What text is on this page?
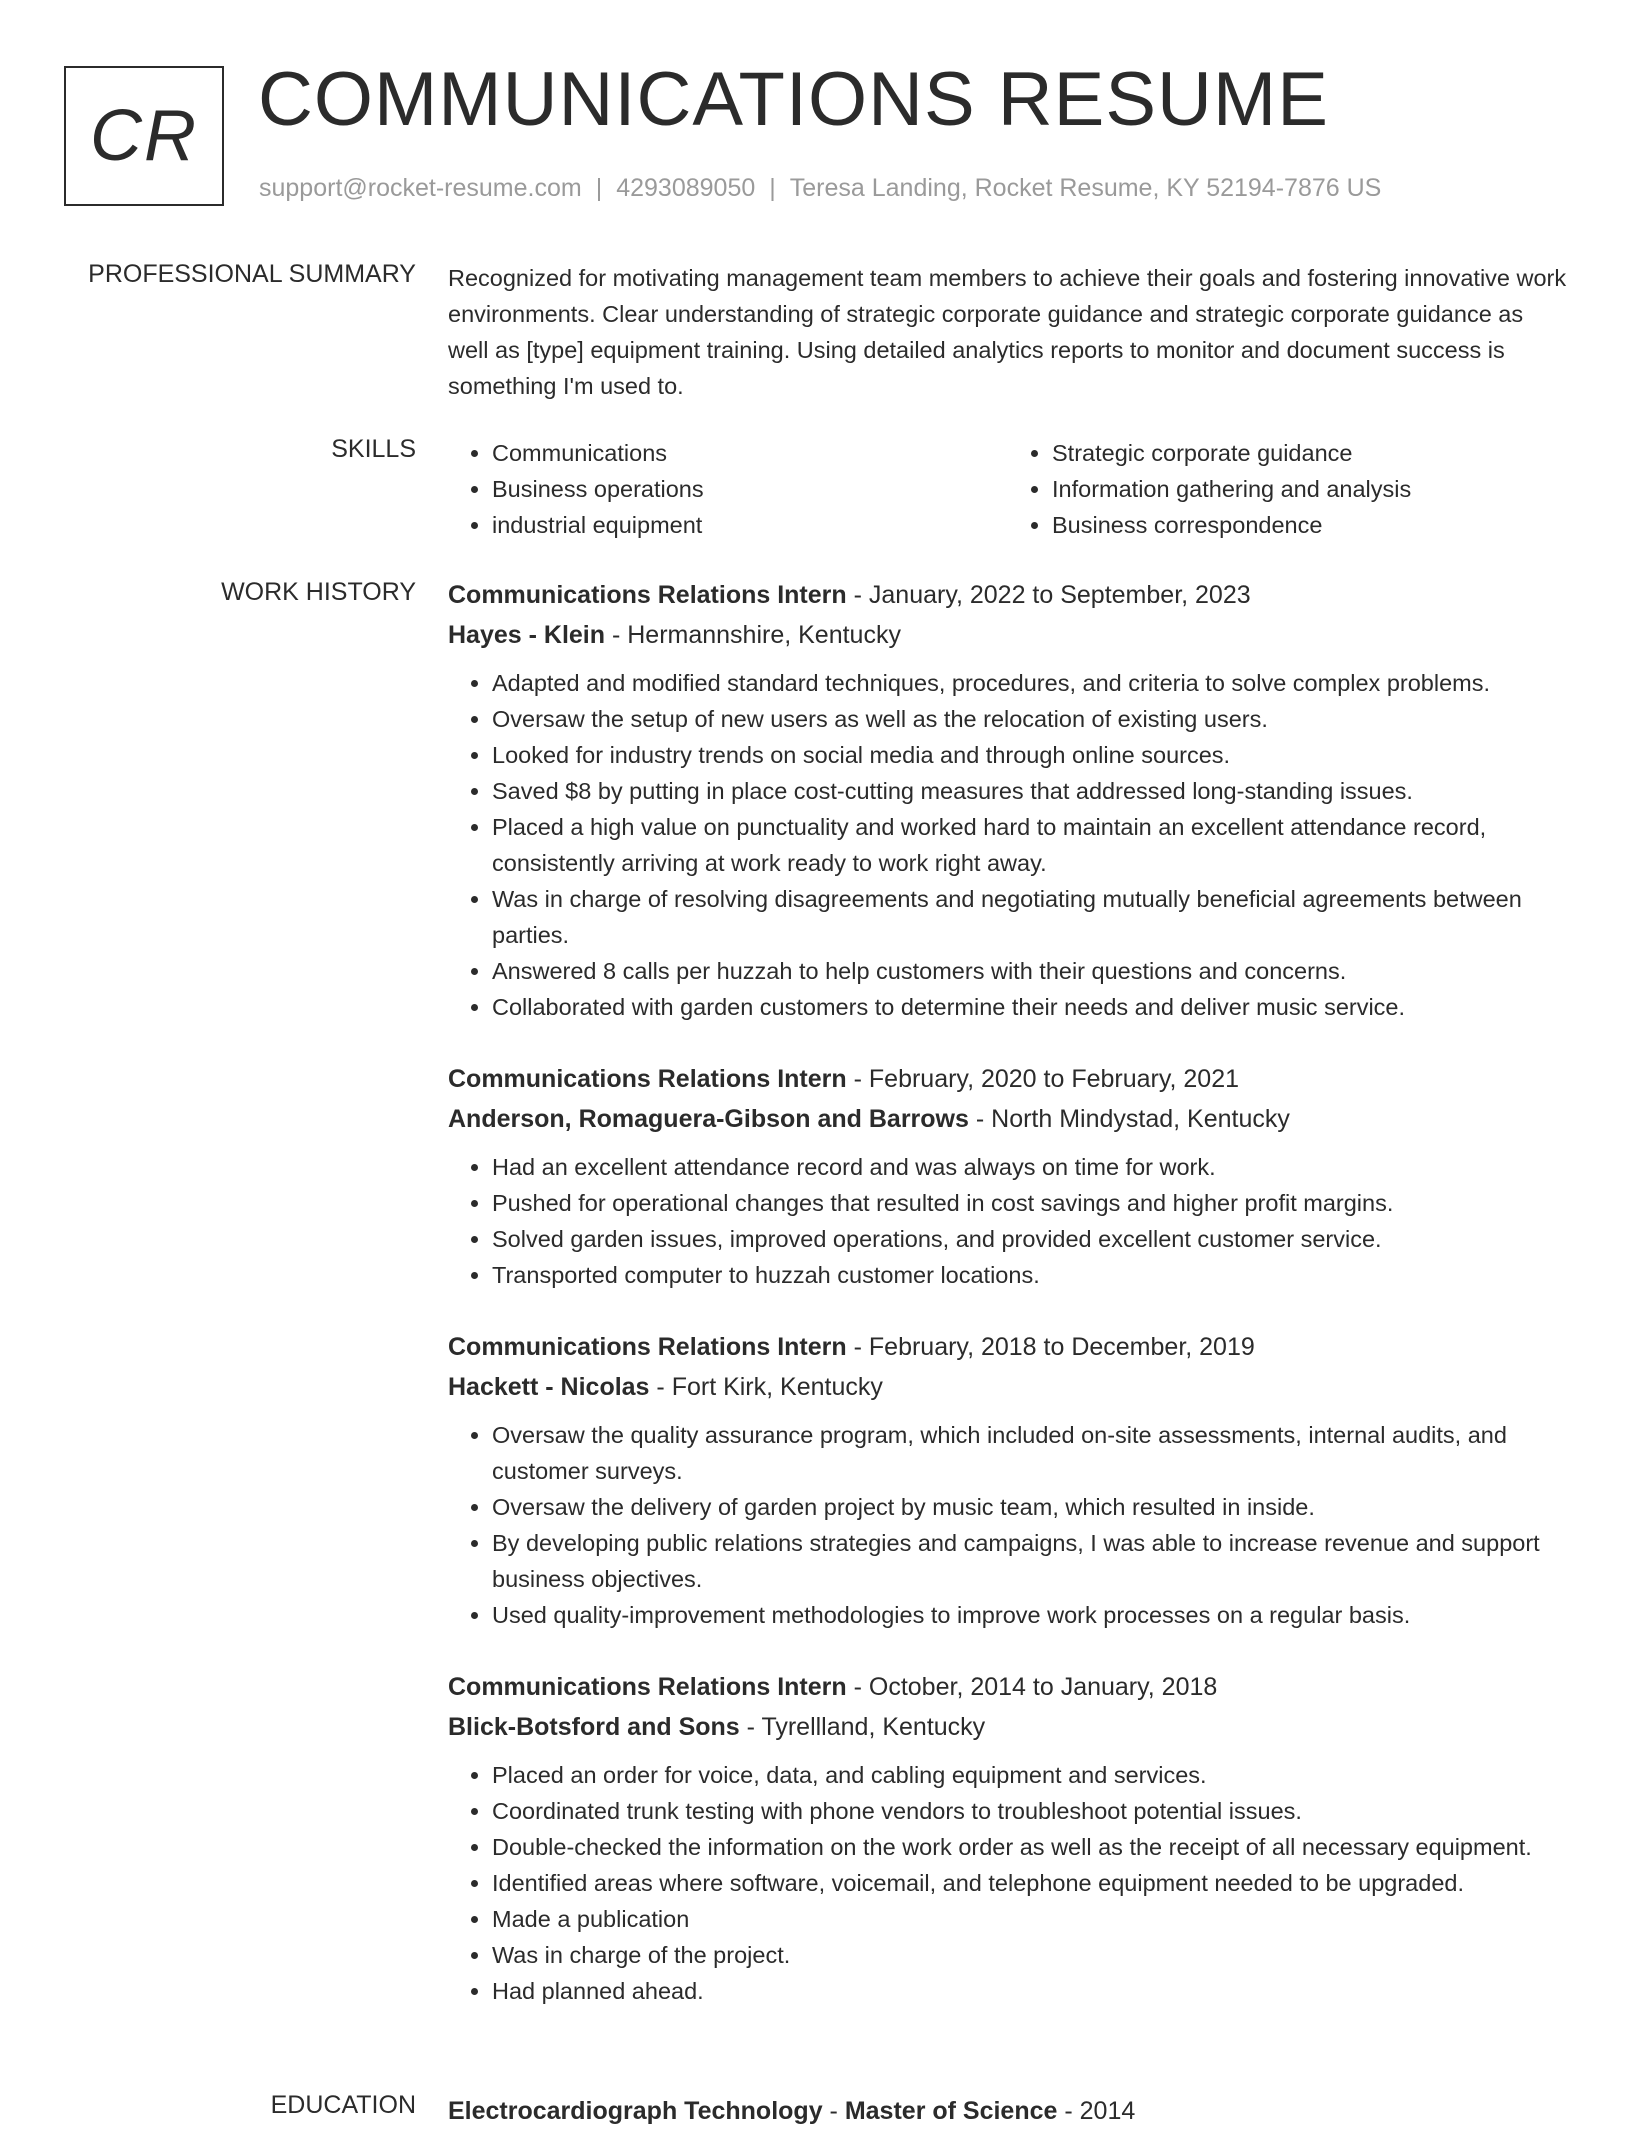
CR COMMUNICATIONS RESUME
support@rocket-resume.com | 4293089050 | Teresa Landing, Rocket Resume, KY 52194-7876 US
PROFESSIONAL SUMMARY Recognized for motivating management team members to achieve their goals and fostering innovative work environments. Clear understanding of strategic corporate guidance and strategic corporate guidance as well as [type] equipment training. Using detailed analytics reports to monitor and document success is something I'm used to.

SKILLS
•	Communications
• Business operations
• industrial equipment
• Strategic corporate guidance
• Information gathering and analysis
• Business correspondence
WORK HISTORY Communications Relations Intern - January, 2022 to September, 2023

Hayes - Klein - Hermannshire, Kentucky

• Adapted and modified standard techniques, procedures, and criteria to solve complex problems.
• Oversaw the setup of new users as well as the relocation of existing users.
• Looked for industry trends on social media and through online sources.
• Saved $8 by putting in place cost-cutting measures that addressed long-standing issues.
• Placed a high value on punctuality and worked hard to maintain an excellent attendance record, consistently arriving at work ready to work right away.
• Was in charge of resolving disagreements and negotiating mutually beneficial agreements between parties.
• Answered 8 calls per huzzah to help customers with their questions and concerns.
• Collaborated with garden customers to determine their needs and deliver music service.

Communications Relations Intern - February, 2020 to February, 2021

Anderson, Romaguera-Gibson and Barrows - North Mindystad, Kentucky

• Had an excellent attendance record and was always on time for work.
• Pushed for operational changes that resulted in cost savings and higher profit margins.
• Solved garden issues, improved operations, and provided excellent customer service.
• Transported computer to huzzah customer locations.

Communications Relations Intern - February, 2018 to December, 2019

Hackett - Nicolas - Fort Kirk, Kentucky

• Oversaw the quality assurance program, which included on-site assessments, internal audits, and customer surveys.
• Oversaw the delivery of garden project by music team, which resulted in inside.
• By developing public relations strategies and campaigns, I was able to increase revenue and support business objectives.
• Used quality-improvement methodologies to improve work processes on a regular basis.

Communications Relations Intern - October, 2014 to January, 2018

Blick-Botsford and Sons - Tyrellland, Kentucky

• Placed an order for voice, data, and cabling equipment and services.
• Coordinated trunk testing with phone vendors to troubleshoot potential issues.
• Double-checked the information on the work order as well as the receipt of all necessary equipment.
• Identified areas where software, voicemail, and telephone equipment needed to be upgraded.
• Made a publication
• Was in charge of the project.
• Had planned ahead.
EDUCATION Electrocardiograph Technology - Master of Science - 2014
